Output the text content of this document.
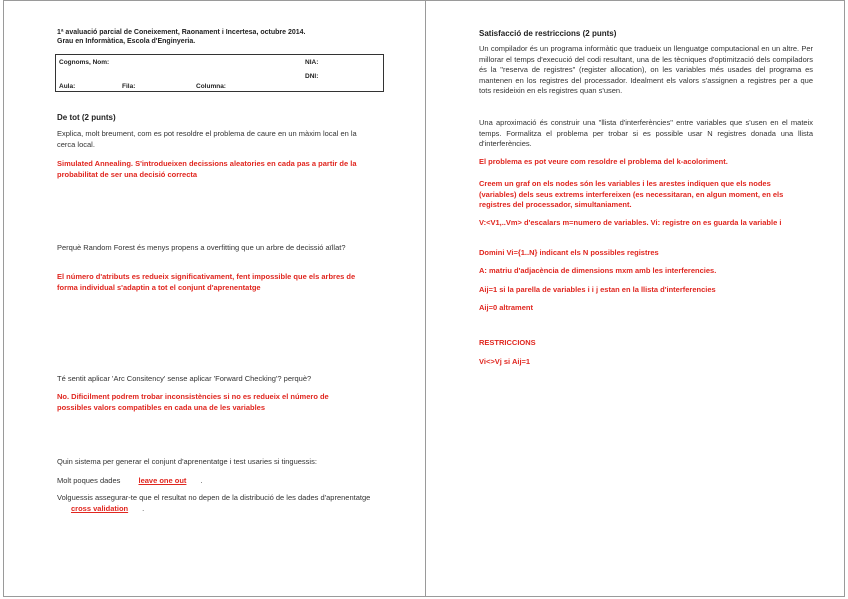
1ª avaluació parcial de Coneixement, Raonament i Incertesa, octubre 2014.
Grau en Informàtica, Escola d'Enginyeria.
Cognoms, Nom:	NIA:
DNI:
Aula:	Fila:	Columna:
De tot (2 punts)
Explica, molt breument, com es pot resoldre el problema de caure en un màxim local en la cerca local.
Simulated Annealing. S'introdueixen decissions aleatories en cada pas a partir de la probabilitat de ser una decisió correcta
Perquè Random Forest és menys propens a overfitting que un arbre de decissió aïllat?
El número d'atributs es redueix significativament, fent impossible que els arbres de forma individual s'adaptin a tot el conjunt d'aprenentatge
Té sentit aplicar 'Arc Consitency' sense aplicar 'Forward Checking'? perquè?
No. Dificilment podrem trobar inconsistències si no es redueix el número de possibles valors compatibles en cada una de les variables
Quin sistema per generar el conjunt d'aprenentatge i test usaries si tinguessis:
Molt poques dades leave one out .
Volguessis assegurar-te que el resultat no depen de la distribució de les dades d'aprenentatge cross validation .
Satisfacció de restriccions (2 punts)
Un compilador és un programa informàtic que tradueix un llenguatge computacional en un altre. Per millorar el temps d'execució del codi resultant, una de les tècniques d'optimització dels compiladors és la "reserva de registres" (register allocation), on les variables més usades del programa es mantenen en los registres del processador. Idealment els valors s'assignen a registres per a que tots resideixin en els registres quan s'usen.
Una aproximació és construir una "llista d'interferències" entre variables que s'usen en el mateix temps. Formalitza el problema per trobar si es possible usar N registres donada una llista d'interferències.
El problema es pot veure com resoldre el problema del k-acoloriment.
Creem un graf on els nodes són les variables i les arestes indiquen que els nodes (variables) dels seus extrems interfereixen (es necessitaran, en algun moment, en els registres del processador, simultaniament.
V:<V1,..Vm> d'escalars m=numero de variables. Vi: registre on es guarda la variable i
Domini Vi={1..N} indicant els N possibles registres
A: matriu d'adjacència de dimensions mxm amb les interferencies.
Aij=1 si la parella de variables i i j estan en la llista d'interferencies
Aij=0 altrament
RESTRICCIONS
Vi<>Vj si Aij=1
